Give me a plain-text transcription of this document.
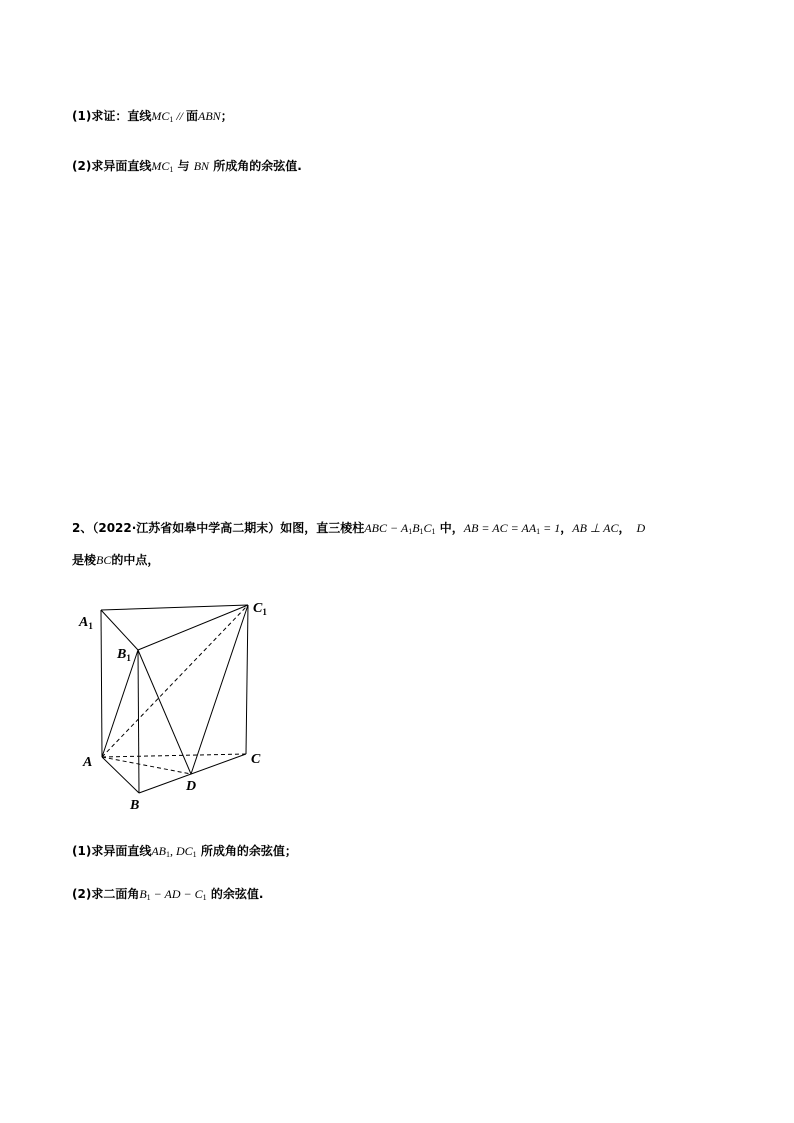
(1)求证：直线$MC_1$ // 面ABN；
(2)求异面直线$MC_1$ 与 BN 所成角的余弦值.
2、（2022·江苏省如皋中学高二期末）如图，直三棱柱ABC − $A_1B_1C_1$ 中，AB = AC = $AA_1 = 1$，AB ⊥ AC， D
是棱BC的中点，
$A_1$
$B_1$
$C_1$
A
B
C
D
(1)求异面直线$AB_1$, $DC_1$ 所成角的余弦值；
(2)求二面角$B_1$ − AD − $C_1$ 的余弦值.
